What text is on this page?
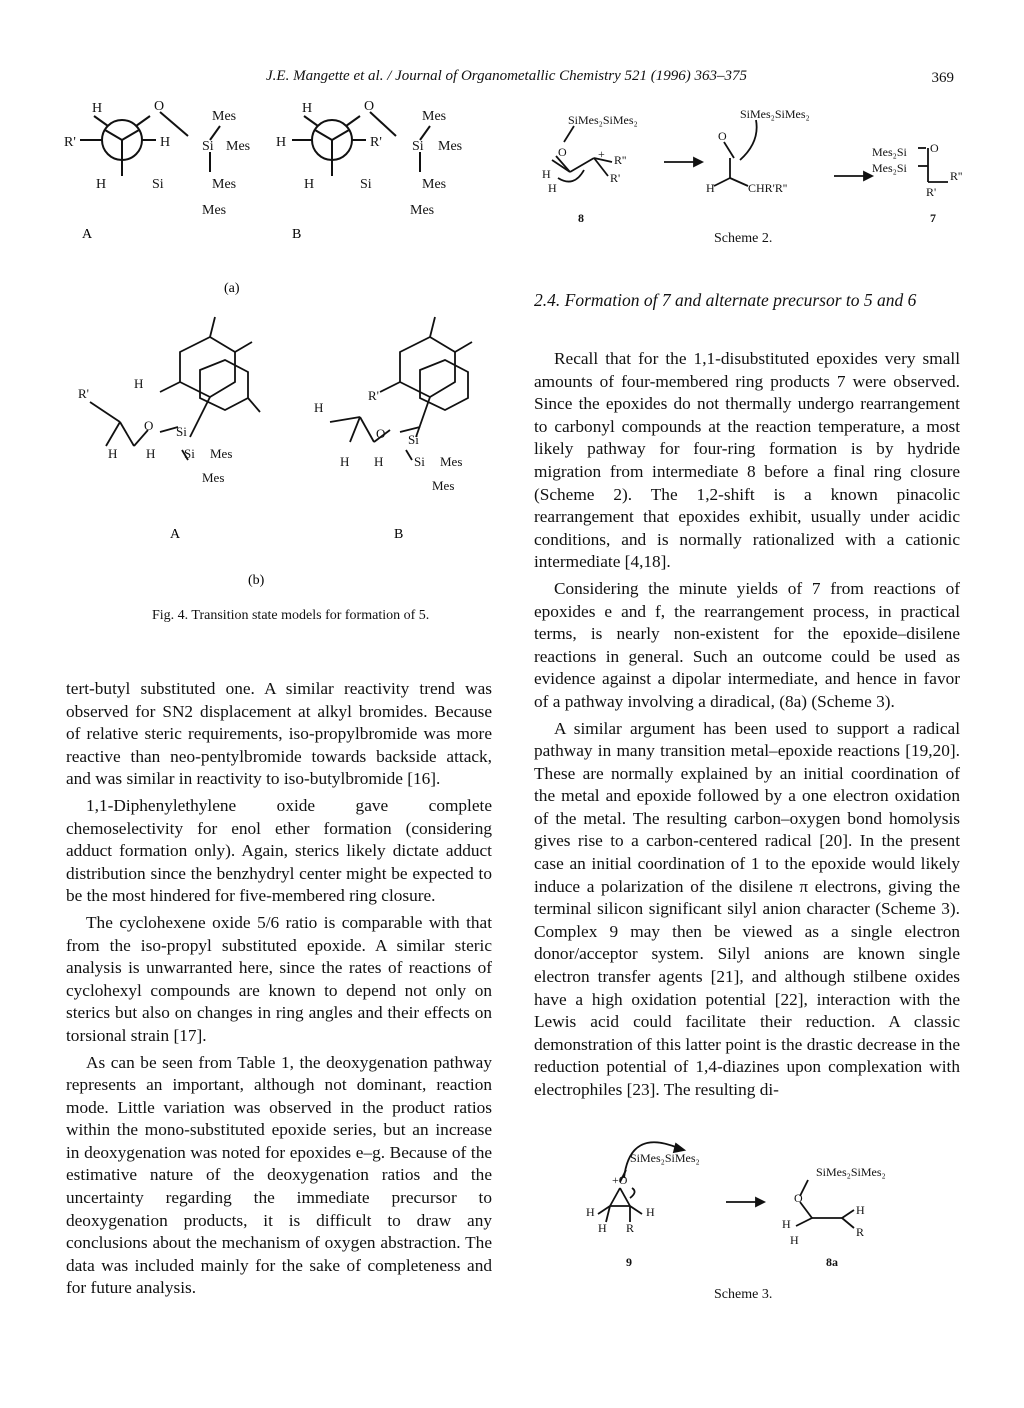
J.E. Mangette et al. / Journal of Organometallic Chemistry 521 (1996) 363–375	369
H	O
R'	H
Mes
Si Mes
H	Si	Mes
Mes
H	O
H	R'
Mes
Si Mes
H	Si	Mes
Mes
A	B
(a)
R'
H
O Si
H H Si Mes
Mes
H
R'
O Si
H H Si Mes
Mes
A	B
(b)
Fig. 4. Transition state models for formation of 5.
SiMes₂SiMes₂
O	+ R''
R'
H
H
8
SiMes₂SiMes₂
O
H	CHR'R''
Mes₂Si
Mes₂Si
O
R''
R'
7
Scheme 2.
2.4. Formation of 7 and alternate precursor to 5 and 6

tert-butyl substituted one. A similar reactivity trend was observed for SN2 displacement at alkyl bromides. Because of relative steric requirements, iso-propylbromide was more reactive than neo-pentylbromide towards backside attack, and was similar in reactivity to iso-butylbromide [16].

1,1-Diphenylethylene oxide gave complete chemoselectivity for enol ether formation (considering adduct formation only). Again, sterics likely dictate adduct distribution since the benzhydryl center might be expected to be the most hindered for five-membered ring closure.

The cyclohexene oxide 5/6 ratio is comparable with that from the iso-propyl substituted epoxide. A similar steric analysis is unwarranted here, since the rates of reactions of cyclohexyl compounds are known to depend not only on sterics but also on changes in ring angles and their effects on torsional strain [17].

As can be seen from Table 1, the deoxygenation pathway represents an important, although not dominant, reaction mode. Little variation was observed in the product ratios within the mono-substituted epoxide series, but an increase in deoxygenation was noted for epoxides e–g. Because of the estimative nature of the deoxygenation ratios and the uncertainty regarding the immediate precursor to deoxygenation products, it is difficult to draw any conclusions about the mechanism of oxygen abstraction. The data was included mainly for the sake of completeness and for future analysis.

Recall that for the 1,1-disubstituted epoxides very small amounts of four-membered ring products 7 were observed. Since the epoxides do not thermally undergo rearrangement to carbonyl compounds at the reaction temperature, a most likely pathway for four-ring formation is by hydride migration from intermediate 8 before a final ring closure (Scheme 2). The 1,2-shift is a known pinacolic rearrangement that epoxides exhibit, usually under acidic conditions, and is normally rationalized with a cationic intermediate [4,18].

Considering the minute yields of 7 from reactions of epoxides e and f, the rearrangement process, in practical terms, is nearly non-existent for the epoxide–disilene reactions in general. Such an outcome could be used as evidence against a dipolar intermediate, and hence in favor of a pathway involving a diradical, (8a) (Scheme 3).

A similar argument has been used to support a radical pathway in many transition metal–epoxide reactions [19,20]. These are normally explained by an initial coordination of the metal and epoxide followed by a one electron oxidation of the metal. The resulting carbon–oxygen bond homolysis gives rise to a carbon-centered radical [20]. In the present case an initial coordination of 1 to the epoxide would likely induce a polarization of the disilene π electrons, giving the terminal silicon significant silyl anion character (Scheme 3). Complex 9 may then be viewed as a single electron donor/acceptor system. Silyl anions are known single electron transfer agents [21], and although stilbene oxides have a high oxidation potential [22], interaction with the Lewis acid could facilitate their reduction. A classic demonstration of this latter point is the drastic decrease in the reduction potential of 1,4-diazines upon complexation with electrophiles [23]. The resulting di-

SiMes₂SiMes₂
+O
H
H
H
R
9
SiMes₂SiMes₂
O
H
H
H
R
8a
Scheme 3.
